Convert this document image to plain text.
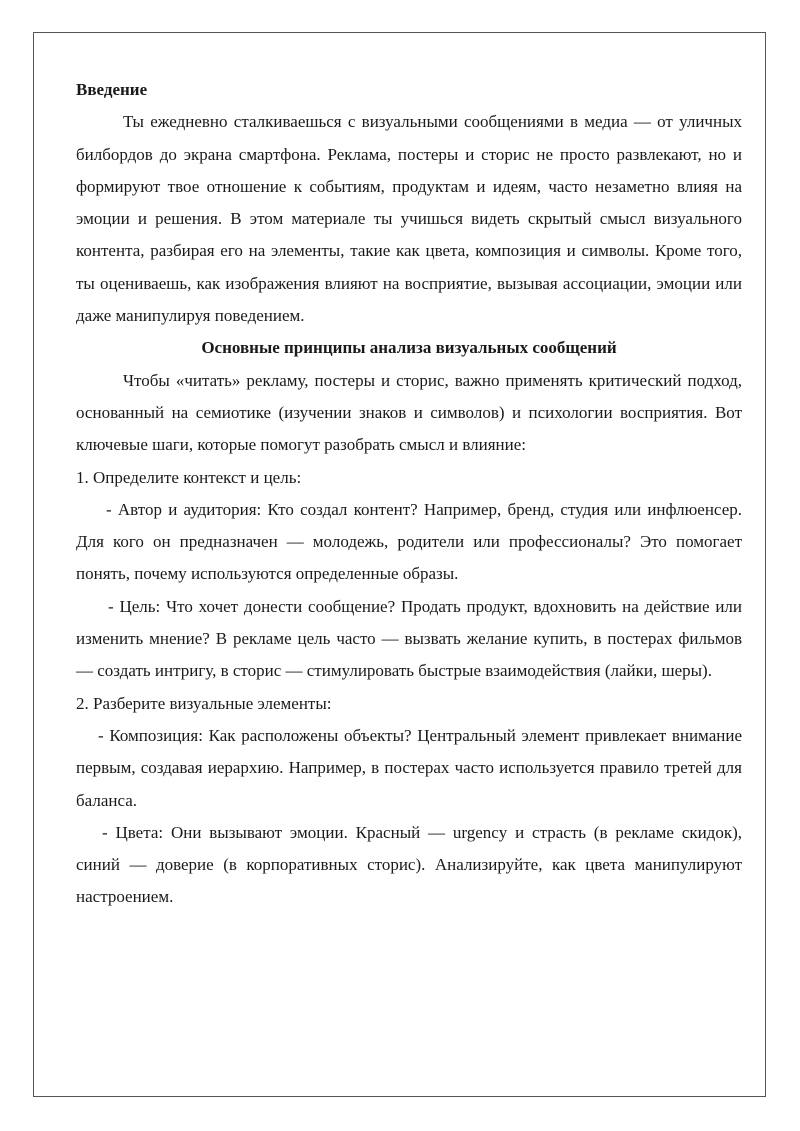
Введение

Ты ежедневно сталкиваешься с визуальными сообщениями в медиа — от уличных билбордов до экрана смартфона. Реклама, постеры и сторис не просто развлекают, но и формируют твое отношение к событиям, продуктам и идеям, часто незаметно влияя на эмоции и решения. В этом материале ты учишься видеть скрытый смысл визуального контента, разбирая его на элементы, такие как цвета, композиция и символы. Кроме того, ты оцениваешь, как изображения влияют на восприятие, вызывая ассоциации, эмоции или даже манипулируя поведением.

Основные принципы анализа визуальных сообщений

Чтобы «читать» рекламу, постеры и сторис, важно применять критический подход, основанный на семиотике (изучении знаков и символов) и психологии восприятия. Вот ключевые шаги, которые помогут разобрать смысл и влияние:

1. Определите контекст и цель:

- Автор и аудитория: Кто создал контент? Например, бренд, студия или инфлюенсер. Для кого он предназначен — молодежь, родители или профессионалы? Это помогает понять, почему используются определенные образы.

- Цель: Что хочет донести сообщение? Продать продукт, вдохновить на действие или изменить мнение? В рекламе цель часто — вызвать желание купить, в постерах фильмов — создать интригу, в сторис — стимулировать быстрые взаимодействия (лайки, шеры).

2. Разберите визуальные элементы:

- Композиция: Как расположены объекты? Центральный элемент привлекает внимание первым, создавая иерархию. Например, в постерах часто используется правило третей для баланса.

- Цвета: Они вызывают эмоции. Красный — urgency и страсть (в рекламе скидок), синий — доверие (в корпоративных сторис). Анализируйте, как цвета манипулируют настроением.
